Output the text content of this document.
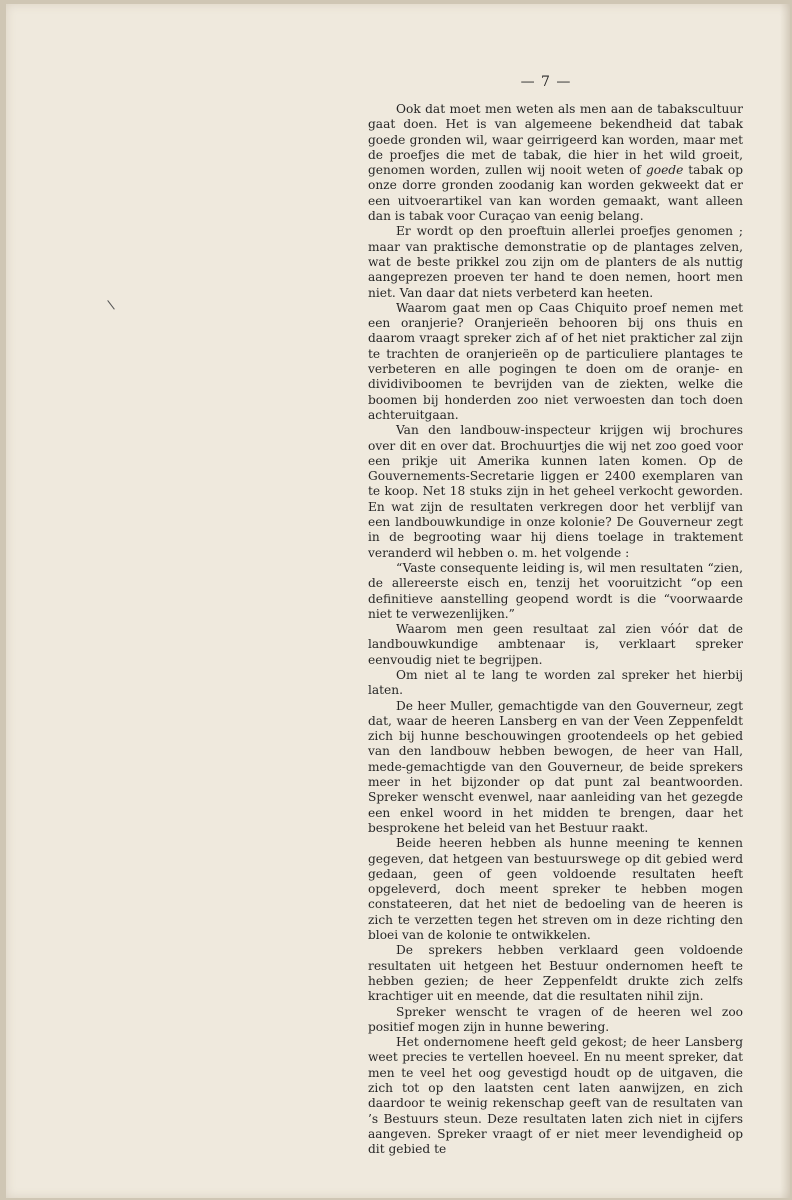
— 7 —
\

Ook dat moet men weten als men aan de tabakscultuur gaat doen. Het is van algemeene bekendheid dat tabak goede gronden wil, waar geirrigeerd kan worden, maar met de proefjes die met de tabak, die hier in het wild groeit, genomen worden, zullen wij nooit weten of goede tabak op onze dorre gronden zoodanig kan worden gekweekt dat er een uitvoerartikel van kan worden gemaakt, want alleen dan is tabak voor Curaçao van eenig belang.

Er wordt op den proeftuin allerlei proefjes genomen ; maar van praktische demonstratie op de plantages zelven, wat de beste prikkel zou zijn om de planters de als nuttig aangeprezen proeven ter hand te doen nemen, hoort men niet. Van daar dat niets verbeterd kan heeten.

Waarom gaat men op Caas Chiquito proef nemen met een oranjerie? Oranjerieën behooren bij ons thuis en daarom vraagt spreker zich af of het niet prakticher zal zijn te trachten de oranjerieën op de particuliere plantages te verbeteren en alle pogingen te doen om de oranje- en dividiviboomen te bevrijden van de ziekten, welke die boomen bij honderden zoo niet verwoesten dan toch doen achteruitgaan.

Van den landbouw-inspecteur krijgen wij brochures over dit en over dat. Brochuurtjes die wij net zoo goed voor een prikje uit Amerika kunnen laten komen. Op de Gouvernements-Secretarie liggen er 2400 exemplaren van te koop. Net 18 stuks zijn in het geheel verkocht geworden. En wat zijn de resultaten verkregen door het verblijf van een landbouwkundige in onze kolonie? De Gouverneur zegt in de begrooting waar hij diens toelage in traktement veranderd wil hebben o. m. het volgende :

“Vaste consequente leiding is, wil men resultaten “zien, de allereerste eisch en, tenzij het vooruitzicht “op een definitieve aanstelling geopend wordt is die “voorwaarde niet te verwezenlijken.”

Waarom men geen resultaat zal zien vóór dat de landbouwkundige ambtenaar is, verklaart spreker eenvoudig niet te begrijpen.

Om niet al te lang te worden zal spreker het hierbij laten.

De heer Muller, gemachtigde van den Gouverneur, zegt dat, waar de heeren Lansberg en van der Veen Zeppenfeldt zich bij hunne beschouwingen grootendeels op het gebied van den landbouw hebben bewogen, de heer van Hall, mede-gemachtigde van den Gouverneur, de beide sprekers meer in het bijzonder op dat punt zal beantwoorden. Spreker wenscht evenwel, naar aanleiding van het gezegde een enkel woord in het midden te brengen, daar het besprokene het beleid van het Bestuur raakt.

Beide heeren hebben als hunne meening te kennen gegeven, dat hetgeen van bestuurswege op dit gebied werd gedaan, geen of geen voldoende resultaten heeft opgeleverd, doch meent spreker te hebben mogen constateeren, dat het niet de bedoeling van de heeren is zich te verzetten tegen het streven om in deze richting den bloei van de kolonie te ontwikkelen.

De sprekers hebben verklaard geen voldoende resultaten uit hetgeen het Bestuur ondernomen heeft te hebben gezien; de heer Zeppenfeldt drukte zich zelfs krachtiger uit en meende, dat die resultaten nihil zijn.

Spreker wenscht te vragen of de heeren wel zoo positief mogen zijn in hunne bewering.

Het ondernomene heeft geld gekost; de heer Lansberg weet precies te vertellen hoeveel. En nu meent spreker, dat men te veel het oog gevestigd houdt op de uitgaven, die zich tot op den laatsten cent laten aanwijzen, en zich daardoor te weinig rekenschap geeft van de resultaten van ’s Bestuurs steun. Deze resultaten laten zich niet in cijfers aangeven. Spreker vraagt of er niet meer levendigheid op dit gebied te
